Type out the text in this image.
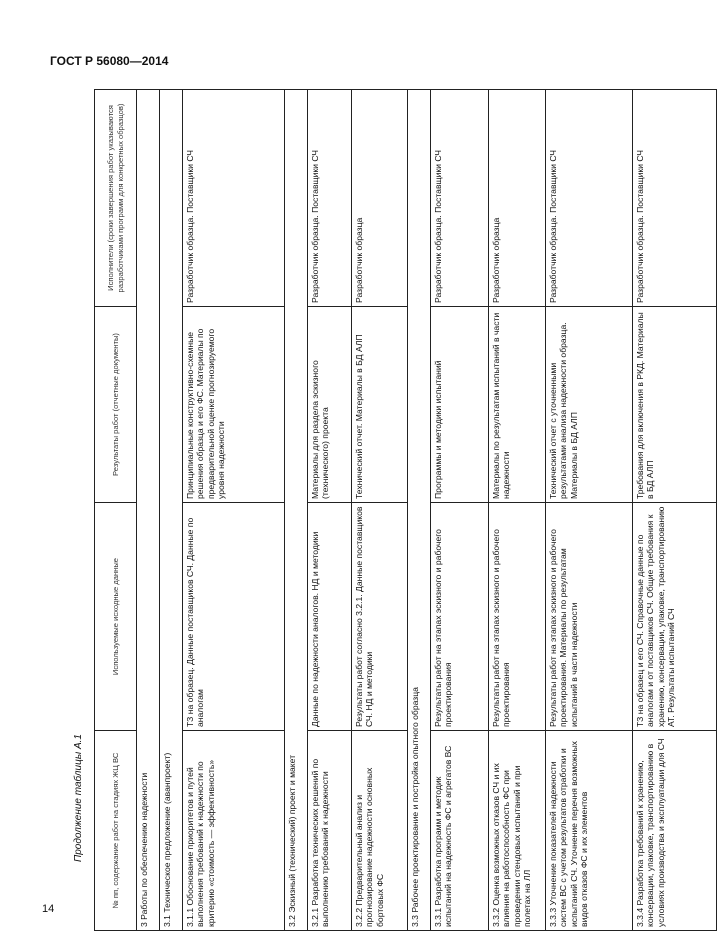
ГОСТ Р 56080—2014
Продолжение таблицы А.1
14
№ пп, содержание работ на стадиях ЖЦ ВС	Используемые исходные данные	Результаты работ (отчетные документы)	Исполнители (сроки завершения работ указываются разработчиками программ для конкретных образцов)
3 Работы по обеспечению надежности			
3.1 Техническое предложение (аванпроект)			
3.1.1 Обоснование приоритетов и путей выполнения требований к надежности по критерию «стоимость — эффективность»	ТЗ на образец. Данные поставщиков СЧ. Данные по аналогам	Принципиальные конструктивно-схемные решения образца и его ФС. Материалы по предварительной оценке прогнозируемого уровня надежности	Разработчик образца. Поставщики СЧ
3.2 Эскизный (технический) проект и макет			
3.2.1 Разработка технических решений по выполнению требований к надежности	Данные по надежности аналогов. НД и методики	Материалы для раздела эскизного (технического) проекта	Разработчик образца. Поставщики СЧ
3.2.2 Предварительный анализ и прогнозирование надежности основных бортовых ФС	Результаты работ согласно 3.2.1. Данные поставщиков СЧ. НД и методики	Технический отчет. Материалы в БД АЛП	Разработчик образца
3.3 Рабочее проектирование и постройка опытного образца			
3.3.1 Разработка программ и методик испытаний на надежность ФС и агрегатов ВС	Результаты работ на этапах эскизного и рабочего проектирования	Программы и методики испытаний	Разработчик образца. Поставщики СЧ
3.3.2 Оценка возможных отказов СЧ и их влияния на работоспособность ФС при проведении стендовых испытаний и при полетах на ЛЛ	Результаты работ на этапах эскизного и рабочего проектирования	Материалы по результатам испытаний в части надежности	Разработчик образца
3.3.3 Уточнение показателей надежности систем ВС с учетом результатов отработки и испытаний СЧ. Уточнение перечня возможных видов отказов ФС и их элементов	Результаты работ на этапах эскизного и рабочего проектирования. Материалы по результатам испытаний в части надежности	Технический отчет с уточненными результатами анализа надежности образца. Материалы в БД АЛП	Разработчик образца. Поставщики СЧ
3.3.4 Разработка требований к хранению, консервации, упаковке, транспортированию в условиях производства и эксплуатации для СЧ	ТЗ на образец и его СЧ. Справочные данные по аналогам и от поставщиков СЧ. Общие требования к хранению, консервации, упаковке, транспортированию АТ. Результаты испытаний СЧ	Требования для включения в РКД. Материалы в БД АЛП	Разработчик образца. Поставщики СЧ
